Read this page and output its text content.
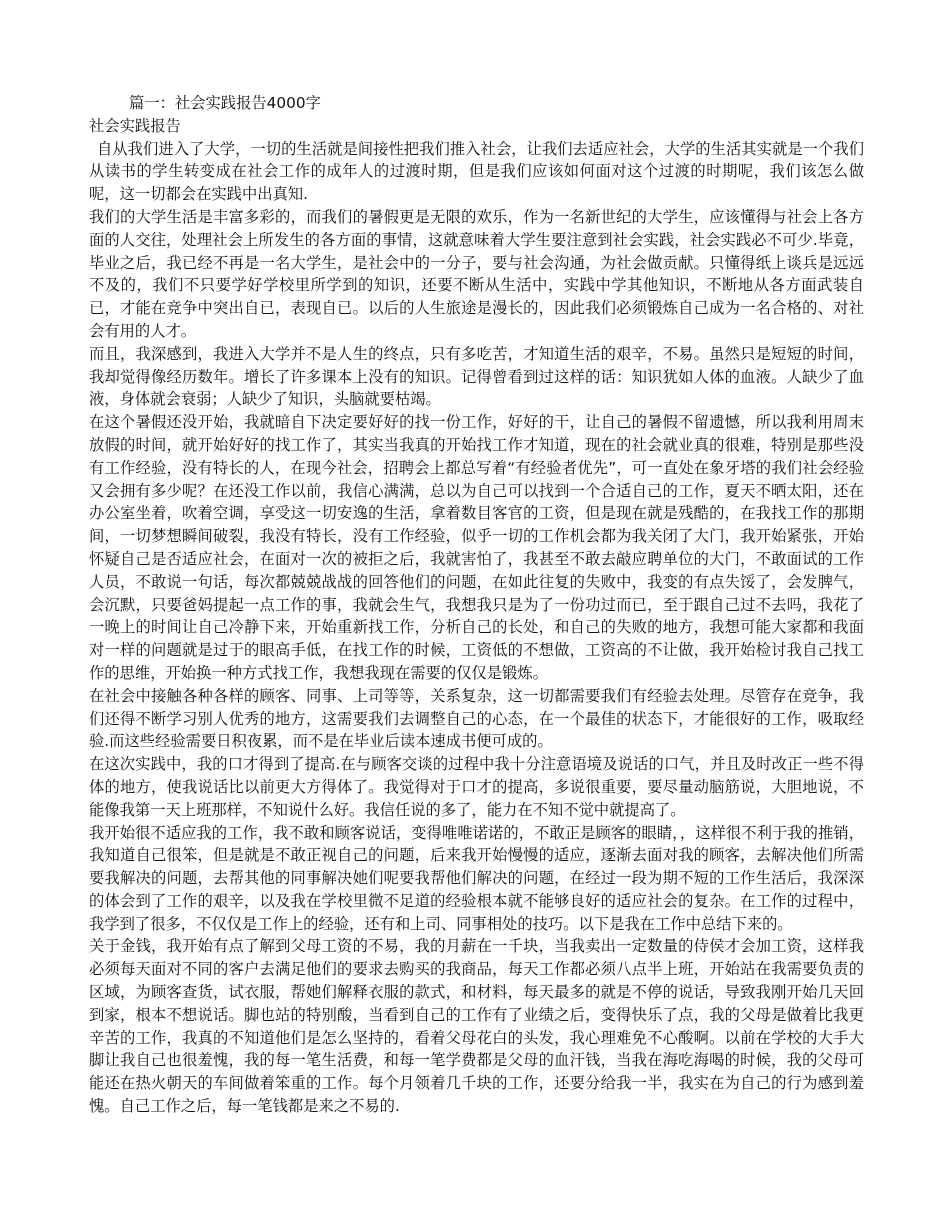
篇一：社会实践报告4000字

社会实践报告

自从我们进入了大学，一切的生活就是间接性把我们推入社会，让我们去适应社会，大学的生活其实就是一个我们从读书的学生转变成在社会工作的成年人的过渡时期，但是我们应该如何面对这个过渡的时期呢，我们该怎么做呢，这一切都会在实践中出真知.

我们的大学生活是丰富多彩的，而我们的暑假更是无限的欢乐，作为一名新世纪的大学生，应该懂得与社会上各方面的人交往，处理社会上所发生的各方面的事情，这就意味着大学生要注意到社会实践，社会实践必不可少.毕竟，毕业之后，我已经不再是一名大学生，是社会中的一分子，要与社会沟通，为社会做贡献。只懂得纸上谈兵是远远不及的，我们不只要学好学校里所学到的知识，还要不断从生活中，实践中学其他知识，不断地从各方面武装自已，才能在竞争中突出自已，表现自已。以后的人生旅途是漫长的，因此我们必须锻炼自己成为一名合格的、对社会有用的人才。

而且，我深感到，我进入大学并不是人生的终点，只有多吃苦，才知道生活的艰辛，不易。虽然只是短短的时间，我却觉得像经历数年。增长了许多课本上没有的知识。记得曾看到过这样的话：知识犹如人体的血液。人缺少了血液，身体就会衰弱；人缺少了知识，头脑就要枯竭。

在这个暑假还没开始，我就暗自下决定要好好的找一份工作，好好的干，让自己的暑假不留遗憾，所以我利用周末放假的时间，就开始好好的找工作了，其实当我真的开始找工作才知道，现在的社会就业真的很难，特别是那些没有工作经验，没有特长的人，在现今社会，招聘会上都总写着“有经验者优先”，可一直处在象牙塔的我们社会经验又会拥有多少呢？在还没工作以前，我信心满满，总以为自己可以找到一个合适自己的工作，夏天不晒太阳，还在办公室坐着，吹着空调，享受这一切安逸的生活，拿着数目客官的工资，但是现在就是残酷的，在我找工作的那期间，一切梦想瞬间破裂，我没有特长，没有工作经验，似乎一切的工作机会都为我关闭了大门，我开始紧张，开始怀疑自己是否适应社会，在面对一次的被拒之后，我就害怕了，我甚至不敢去敲应聘单位的大门，不敢面试的工作人员，不敢说一句话，每次都兢兢战战的回答他们的问题，在如此往复的失败中，我变的有点失馁了，会发脾气，会沉默，只要爸妈提起一点工作的事，我就会生气，我想我只是为了一份功过而已，至于跟自己过不去吗，我花了一晚上的时间让自己冷静下来，开始重新找工作，分析自己的长处，和自己的失败的地方，我想可能大家都和我面对一样的问题就是过于的眼高手低，在找工作的时候，工资低的不想做，工资高的不让做，我开始检讨我自己找工作的思维，开始换一种方式找工作，我想我现在需要的仅仅是锻炼。

在社会中接触各种各样的顾客、同事、上司等等，关系复杂，这一切都需要我们有经验去处理。尽管存在竞争，我们还得不断学习别人优秀的地方，这需要我们去调整自己的心态，在一个最佳的状态下，才能很好的工作，吸取经验.而这些经验需要日积夜累，而不是在毕业后读本速成书便可成的。

在这次实践中，我的口才得到了提高.在与顾客交谈的过程中我十分注意语境及说话的口气，并且及时改正一些不得体的地方，使我说话比以前更大方得体了。我觉得对于口才的提高，多说很重要，要尽量动脑筋说，大胆地说，不能像我第一天上班那样，不知说什么好。我信任说的多了，能力在不知不觉中就提高了。

我开始很不适应我的工作，我不敢和顾客说话，变得唯唯诺诺的，不敢正是顾客的眼睛，，这样很不利于我的推销，我知道自己很笨，但是就是不敢正视自己的问题，后来我开始慢慢的适应，逐渐去面对我的顾客，去解决他们所需要我解决的问题，去帮其他的同事解决她们呢要我帮他们解决的问题，在经过一段为期不短的工作生活后，我深深的体会到了工作的艰辛，以及我在学校里微不足道的经验根本就不能够良好的适应社会的复杂。在工作的过程中，我学到了很多，不仅仅是工作上的经验，还有和上司、同事相处的技巧。以下是我在工作中总结下来的。

关于金钱，我开始有点了解到父母工资的不易，我的月薪在一千块，当我卖出一定数量的侍侯才会加工资，这样我必须每天面对不同的客户去满足他们的要求去购买的我商品，每天工作都必须八点半上班，开始站在我需要负责的区域，为顾客查货，试衣服，帮她们解释衣服的款式，和材料，每天最多的就是不停的说话，导致我刚开始几天回到家，根本不想说话。脚也站的特别酸，当看到自己的工作有了业绩之后，变得快乐了点，我的父母是做着比我更辛苦的工作，我真的不知道他们是怎么坚持的，看着父母花白的头发，我心理难免不心酸啊。以前在学校的大手大脚让我自己也很羞愧，我的每一笔生活费，和每一笔学费都是父母的血汗钱，当我在海吃海喝的时候，我的父母可能还在热火朝天的车间做着笨重的工作。每个月领着几千块的工作，还要分给我一半，我实在为自己的行为感到羞愧。自己工作之后，每一笔钱都是来之不易的.
